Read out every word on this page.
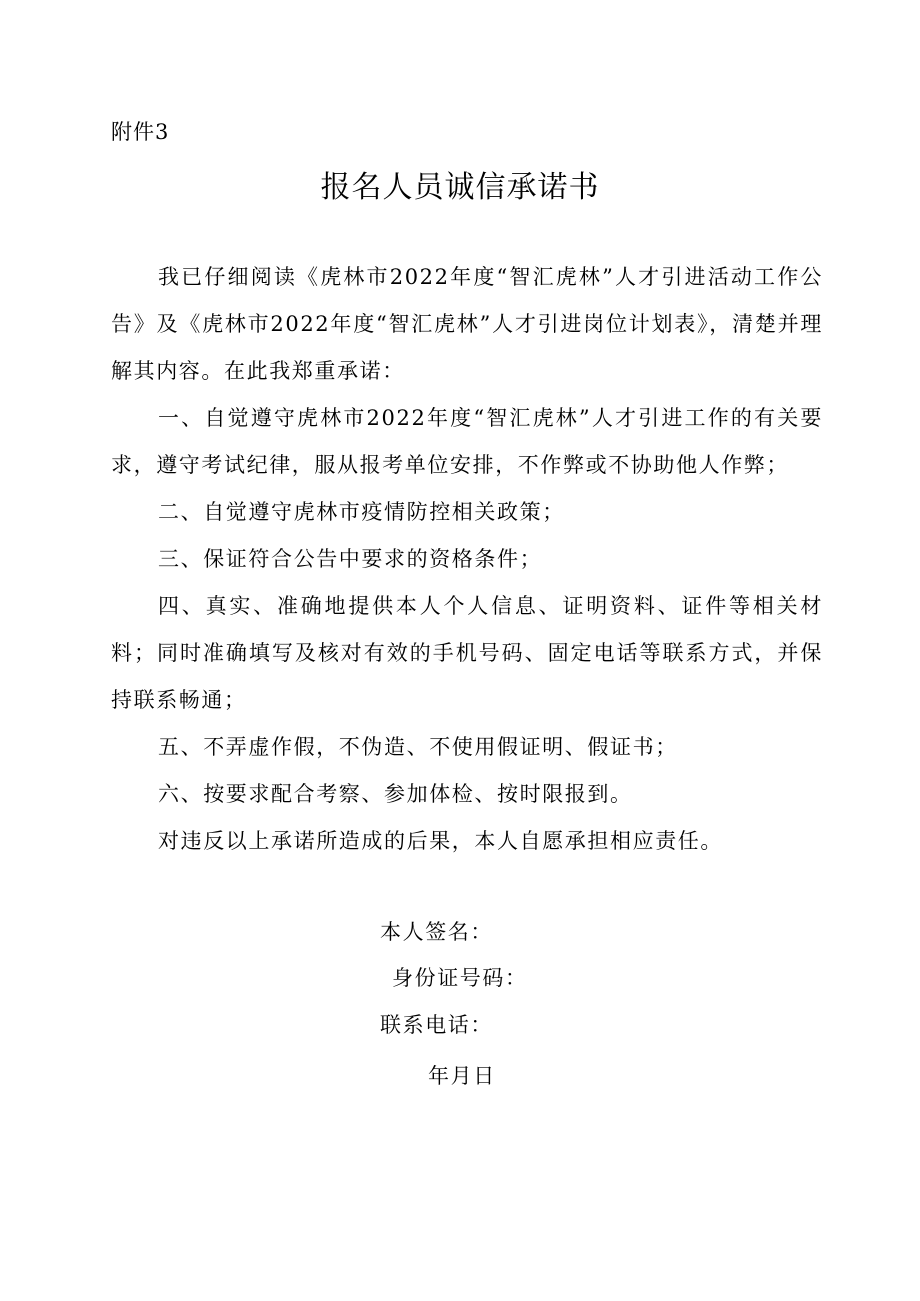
附件3
报名人员诚信承诺书

我已仔细阅读《虎林市2022年度“智汇虎林”人才引进活动工作公告》及《虎林市2022年度“智汇虎林”人才引进岗位计划表》，清楚并理解其内容。在此我郑重承诺：

一、自觉遵守虎林市2022年度“智汇虎林”人才引进工作的有关要求，遵守考试纪律，服从报考单位安排，不作弊或不协助他人作弊；

二、自觉遵守虎林市疫情防控相关政策；

三、保证符合公告中要求的资格条件；

四、真实、准确地提供本人个人信息、证明资料、证件等相关材料；同时准确填写及核对有效的手机号码、固定电话等联系方式，并保持联系畅通；

五、不弄虚作假，不伪造、不使用假证明、假证书；

六、按要求配合考察、参加体检、按时限报到。

对违反以上承诺所造成的后果，本人自愿承担相应责任。

本人签名：
身份证号码：
联系电话：
年月日
